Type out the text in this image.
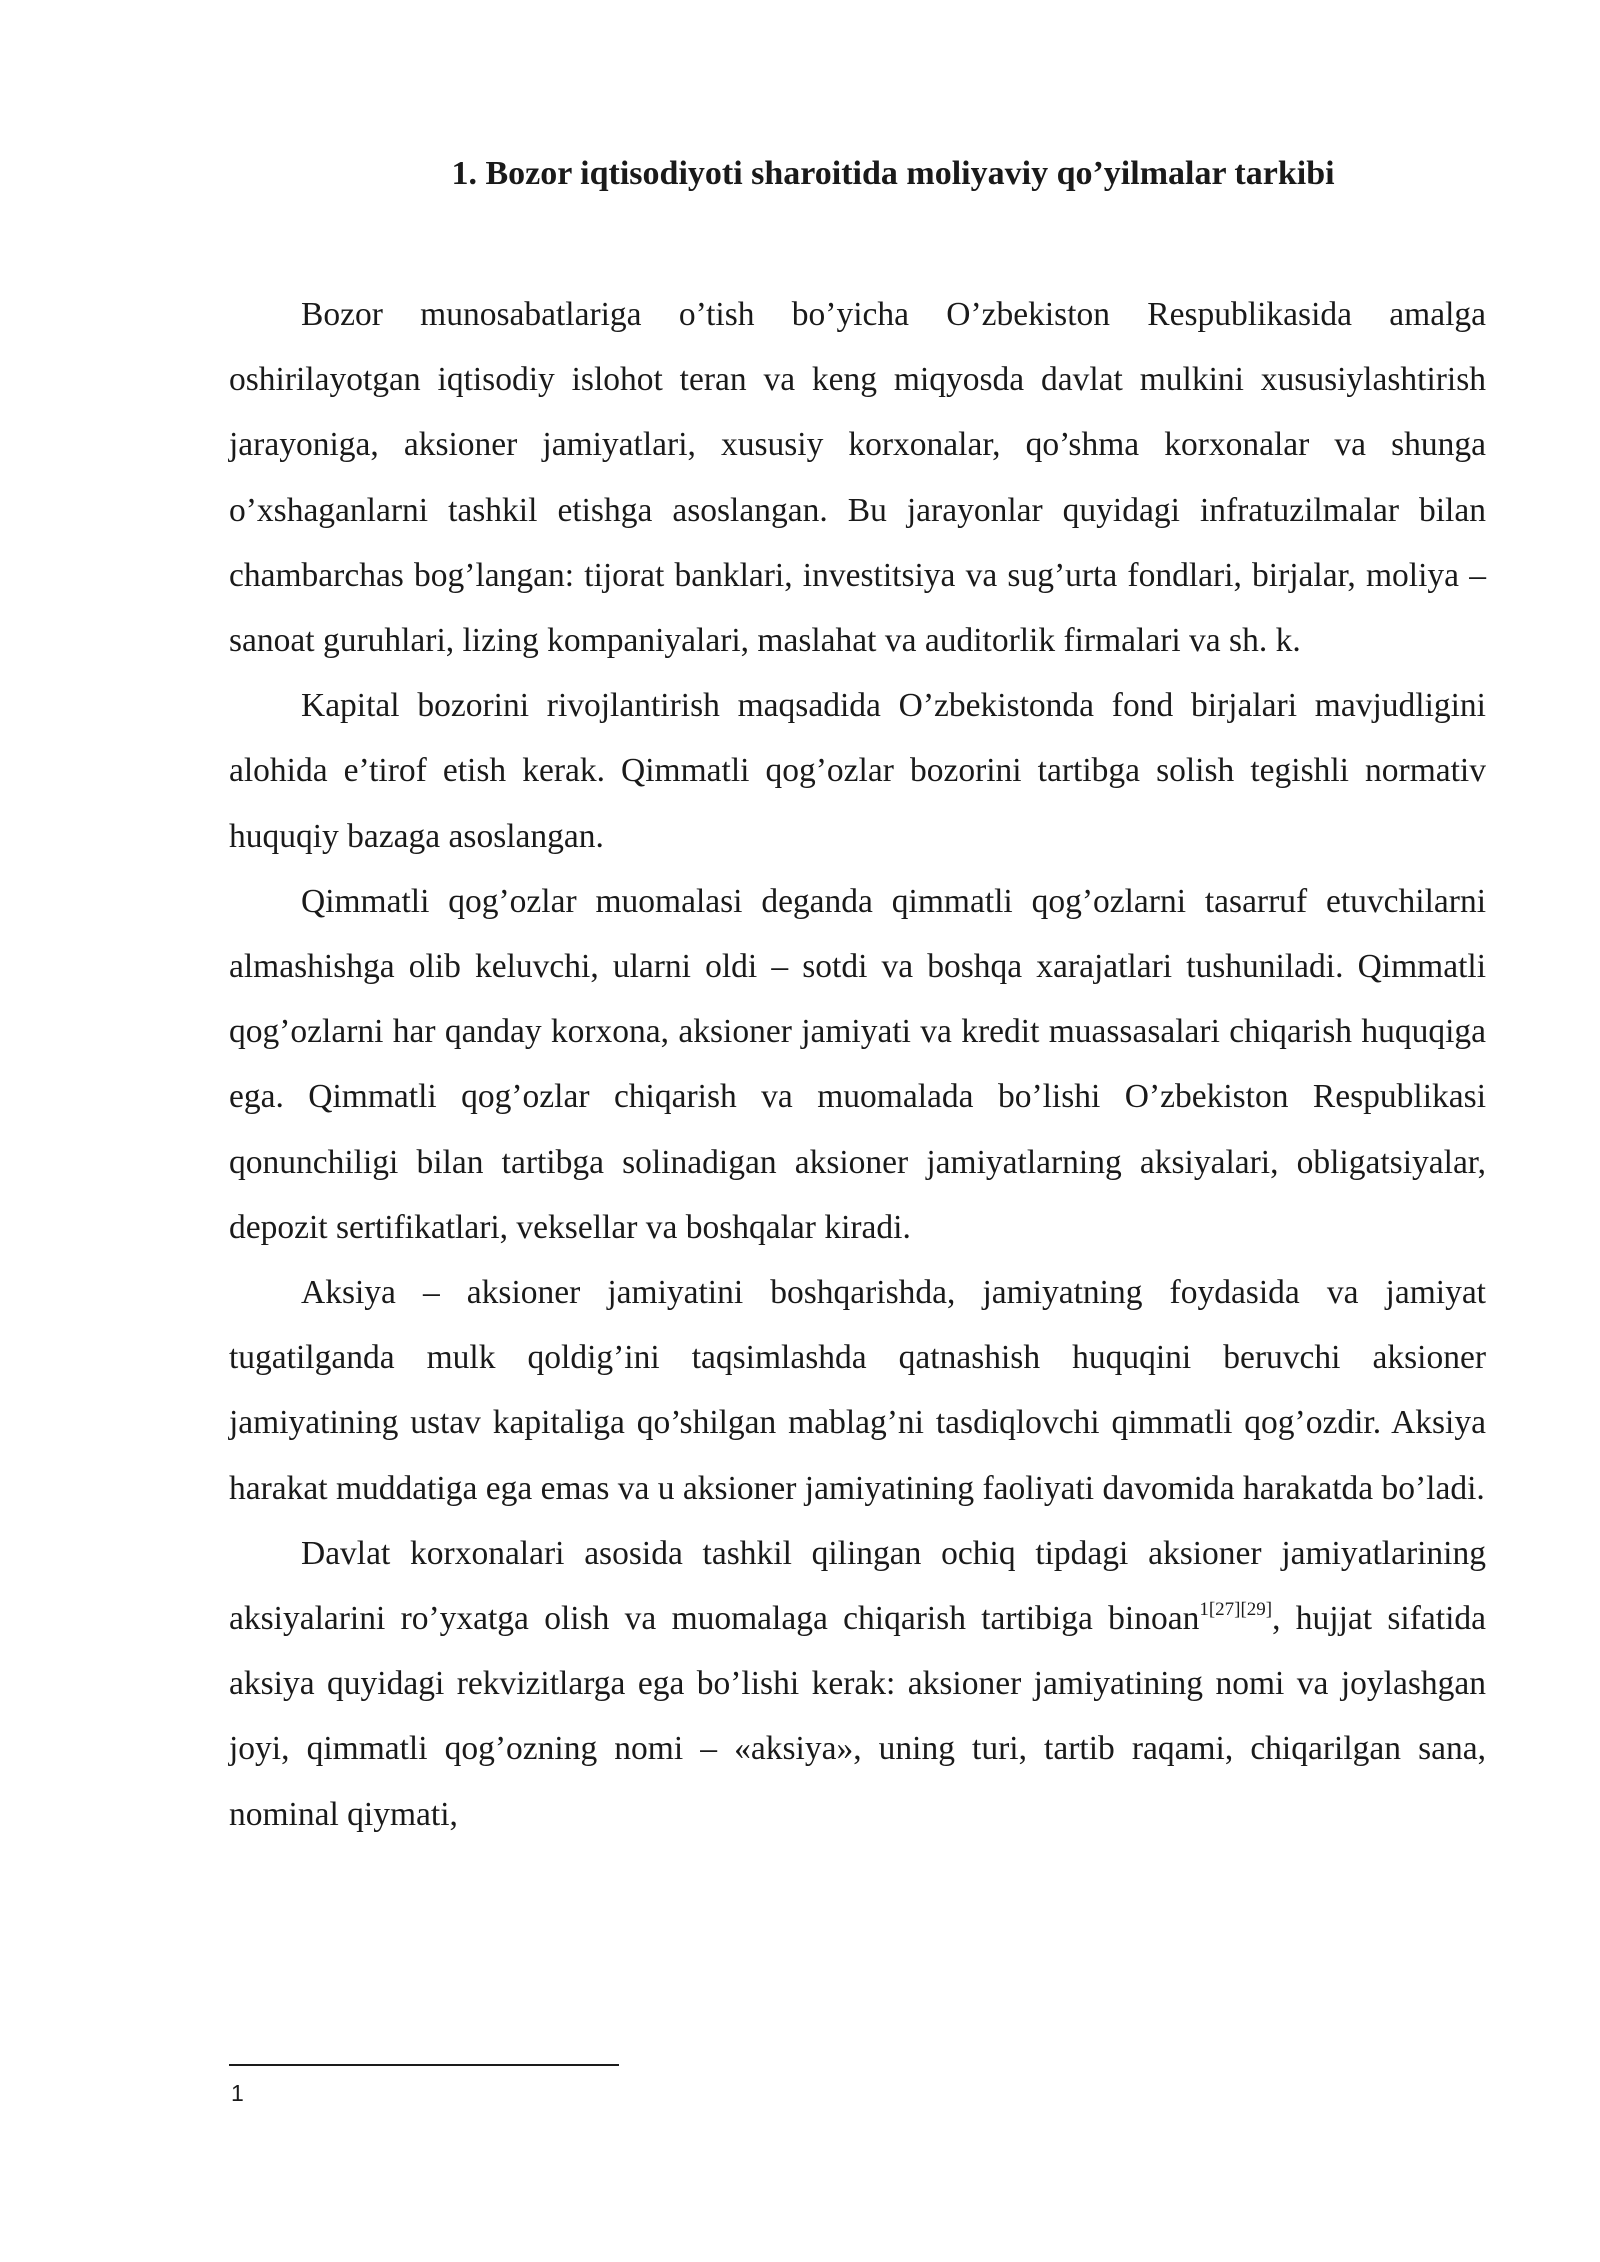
1. Bozor iqtisodiyoti sharoitida moliyaviy qo’yilmalar tarkibi

Bozor munosabatlariga o’tish bo’yicha O’zbekiston Respublikasida amalga oshirilayotgan iqtisodiy islohot teran va keng miqyosda davlat mulkini xususiylashtirish jarayoniga, aksioner jamiyatlari, xususiy korxonalar, qo’shma korxonalar va shunga o’xshaganlarni tashkil etishga asoslangan. Bu jarayonlar quyidagi infratuzilmalar bilan chambarchas bog’langan: tijorat banklari, investitsiya va sug’urta fondlari, birjalar, moliya – sanoat guruhlari, lizing kompaniyalari, maslahat va auditorlik firmalari va sh. k.

Kapital bozorini rivojlantirish maqsadida O’zbekistonda fond birjalari mavjudligini alohida e’tirof etish kerak. Qimmatli qog’ozlar bozorini tartibga solish tegishli normativ huquqiy bazaga asoslangan.

Qimmatli qog’ozlar muomalasi deganda qimmatli qog’ozlarni tasarruf etuvchilarni almashishga olib keluvchi, ularni oldi – sotdi va boshqa xarajatlari tushuniladi. Qimmatli qog’ozlarni har qanday korxona, aksioner jamiyati va kredit muassasalari chiqarish huquqiga ega. Qimmatli qog’ozlar chiqarish va muomalada bo’lishi O’zbekiston Respublikasi qonunchiligi bilan tartibga solinadigan aksioner jamiyatlarning aksiyalari, obligatsiyalar, depozit sertifikatlari, veksellar va boshqalar kiradi.

Aksiya – aksioner jamiyatini boshqarishda, jamiyatning foydasida va jamiyat tugatilganda mulk qoldig’ini taqsimlashda qatnashish huquqini beruvchi aksioner jamiyatining ustav kapitaliga qo’shilgan mablag’ni tasdiqlovchi qimmatli qog’ozdir. Aksiya harakat muddatiga ega emas va u aksioner jamiyatining faoliyati davomida harakatda bo’ladi.

Davlat korxonalari asosida tashkil qilingan ochiq tipdagi aksioner jamiyatlarining aksiyalarini ro’yxatga olish va muomalaga chiqarish tartibiga binoan$^{1[27][29]}$, hujjat sifatida aksiya quyidagi rekvizitlarga ega bo’lishi kerak: aksioner jamiyatining nomi va joylashgan joyi, qimmatli qog’ozning nomi – «aksiya», uning turi, tartib raqami, chiqarilgan sana, nominal qiymati,

1
